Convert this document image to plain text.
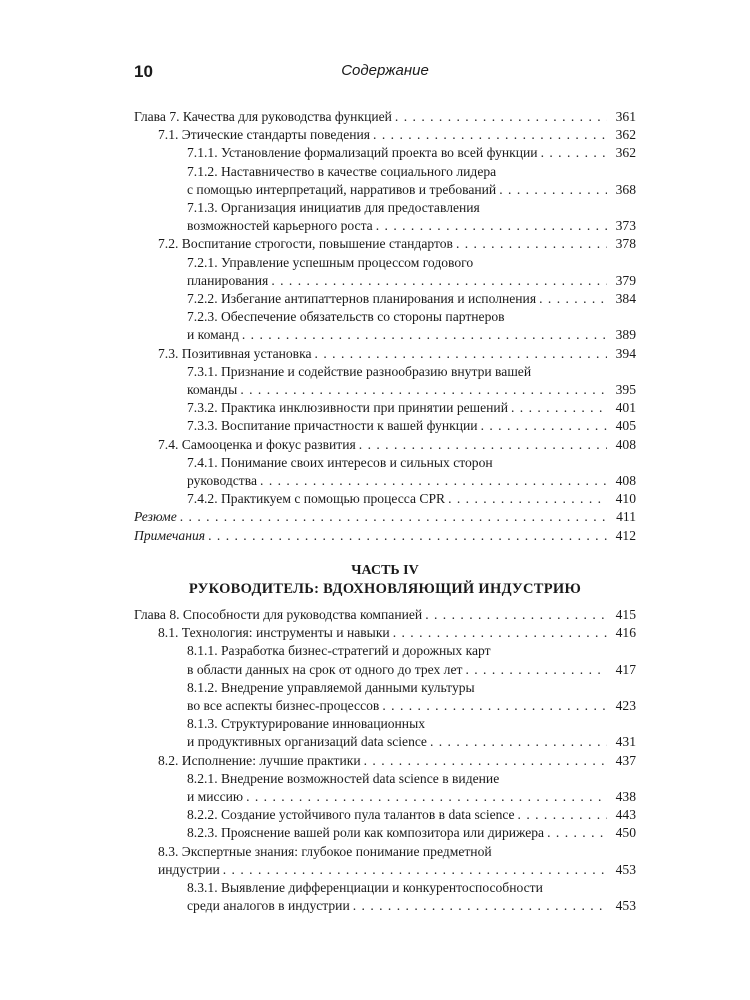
10	Содержание
Глава 7. Качества для руководства функцией . . .	361
7.1. Этические стандарты поведения . . .	362
7.1.1. Установление формализаций проекта во всей функции . . .	362
7.1.2. Наставничество в качестве социального лидера
с помощью интерпретаций, нарративов и требований . . .	368
7.1.3. Организация инициатив для предоставления
возможностей карьерного роста . . .	373
7.2. Воспитание строгости, повышение стандартов . . .	378
7.2.1. Управление успешным процессом годового
планирования . . .	379
7.2.2. Избегание антипаттернов планирования и исполнения . . .	384
7.2.3. Обеспечение обязательств со стороны партнеров
и команд . . .	389
7.3. Позитивная установка . . .	394
7.3.1. Признание и содействие разнообразию внутри вашей
команды . . .	395
7.3.2. Практика инклюзивности при принятии решений . . .	401
7.3.3. Воспитание причастности к вашей функции . . .	405
7.4. Самооценка и фокус развития . . .	408
7.4.1. Понимание своих интересов и сильных сторон
руководства . . .	408
7.4.2. Практикуем с помощью процесса CPR . . .	410
Резюме . . .	411
Примечания . . .	412
ЧАСТЬ IV
РУКОВОДИТЕЛЬ: ВДОХНОВЛЯЮЩИЙ ИНДУСТРИЮ
Глава 8. Способности для руководства компанией . . .	415
8.1. Технология: инструменты и навыки . . .	416
8.1.1. Разработка бизнес-стратегий и дорожных карт
в области данных на срок от одного до трех лет . . .	417
8.1.2. Внедрение управляемой данными культуры
во все аспекты бизнес-процессов . . .	423
8.1.3. Структурирование инновационных
и продуктивных организаций data science . . .	431
8.2. Исполнение: лучшие практики . . .	437
8.2.1. Внедрение возможностей data science в видение
и миссию . . .	438
8.2.2. Создание устойчивого пула талантов в data science . . .	443
8.2.3. Прояснение вашей роли как композитора или дирижера . . .	450
8.3. Экспертные знания: глубокое понимание предметной
индустрии . . .	453
8.3.1. Выявление дифференциации и конкурентоспособности
среди аналогов в индустрии . . .	453
